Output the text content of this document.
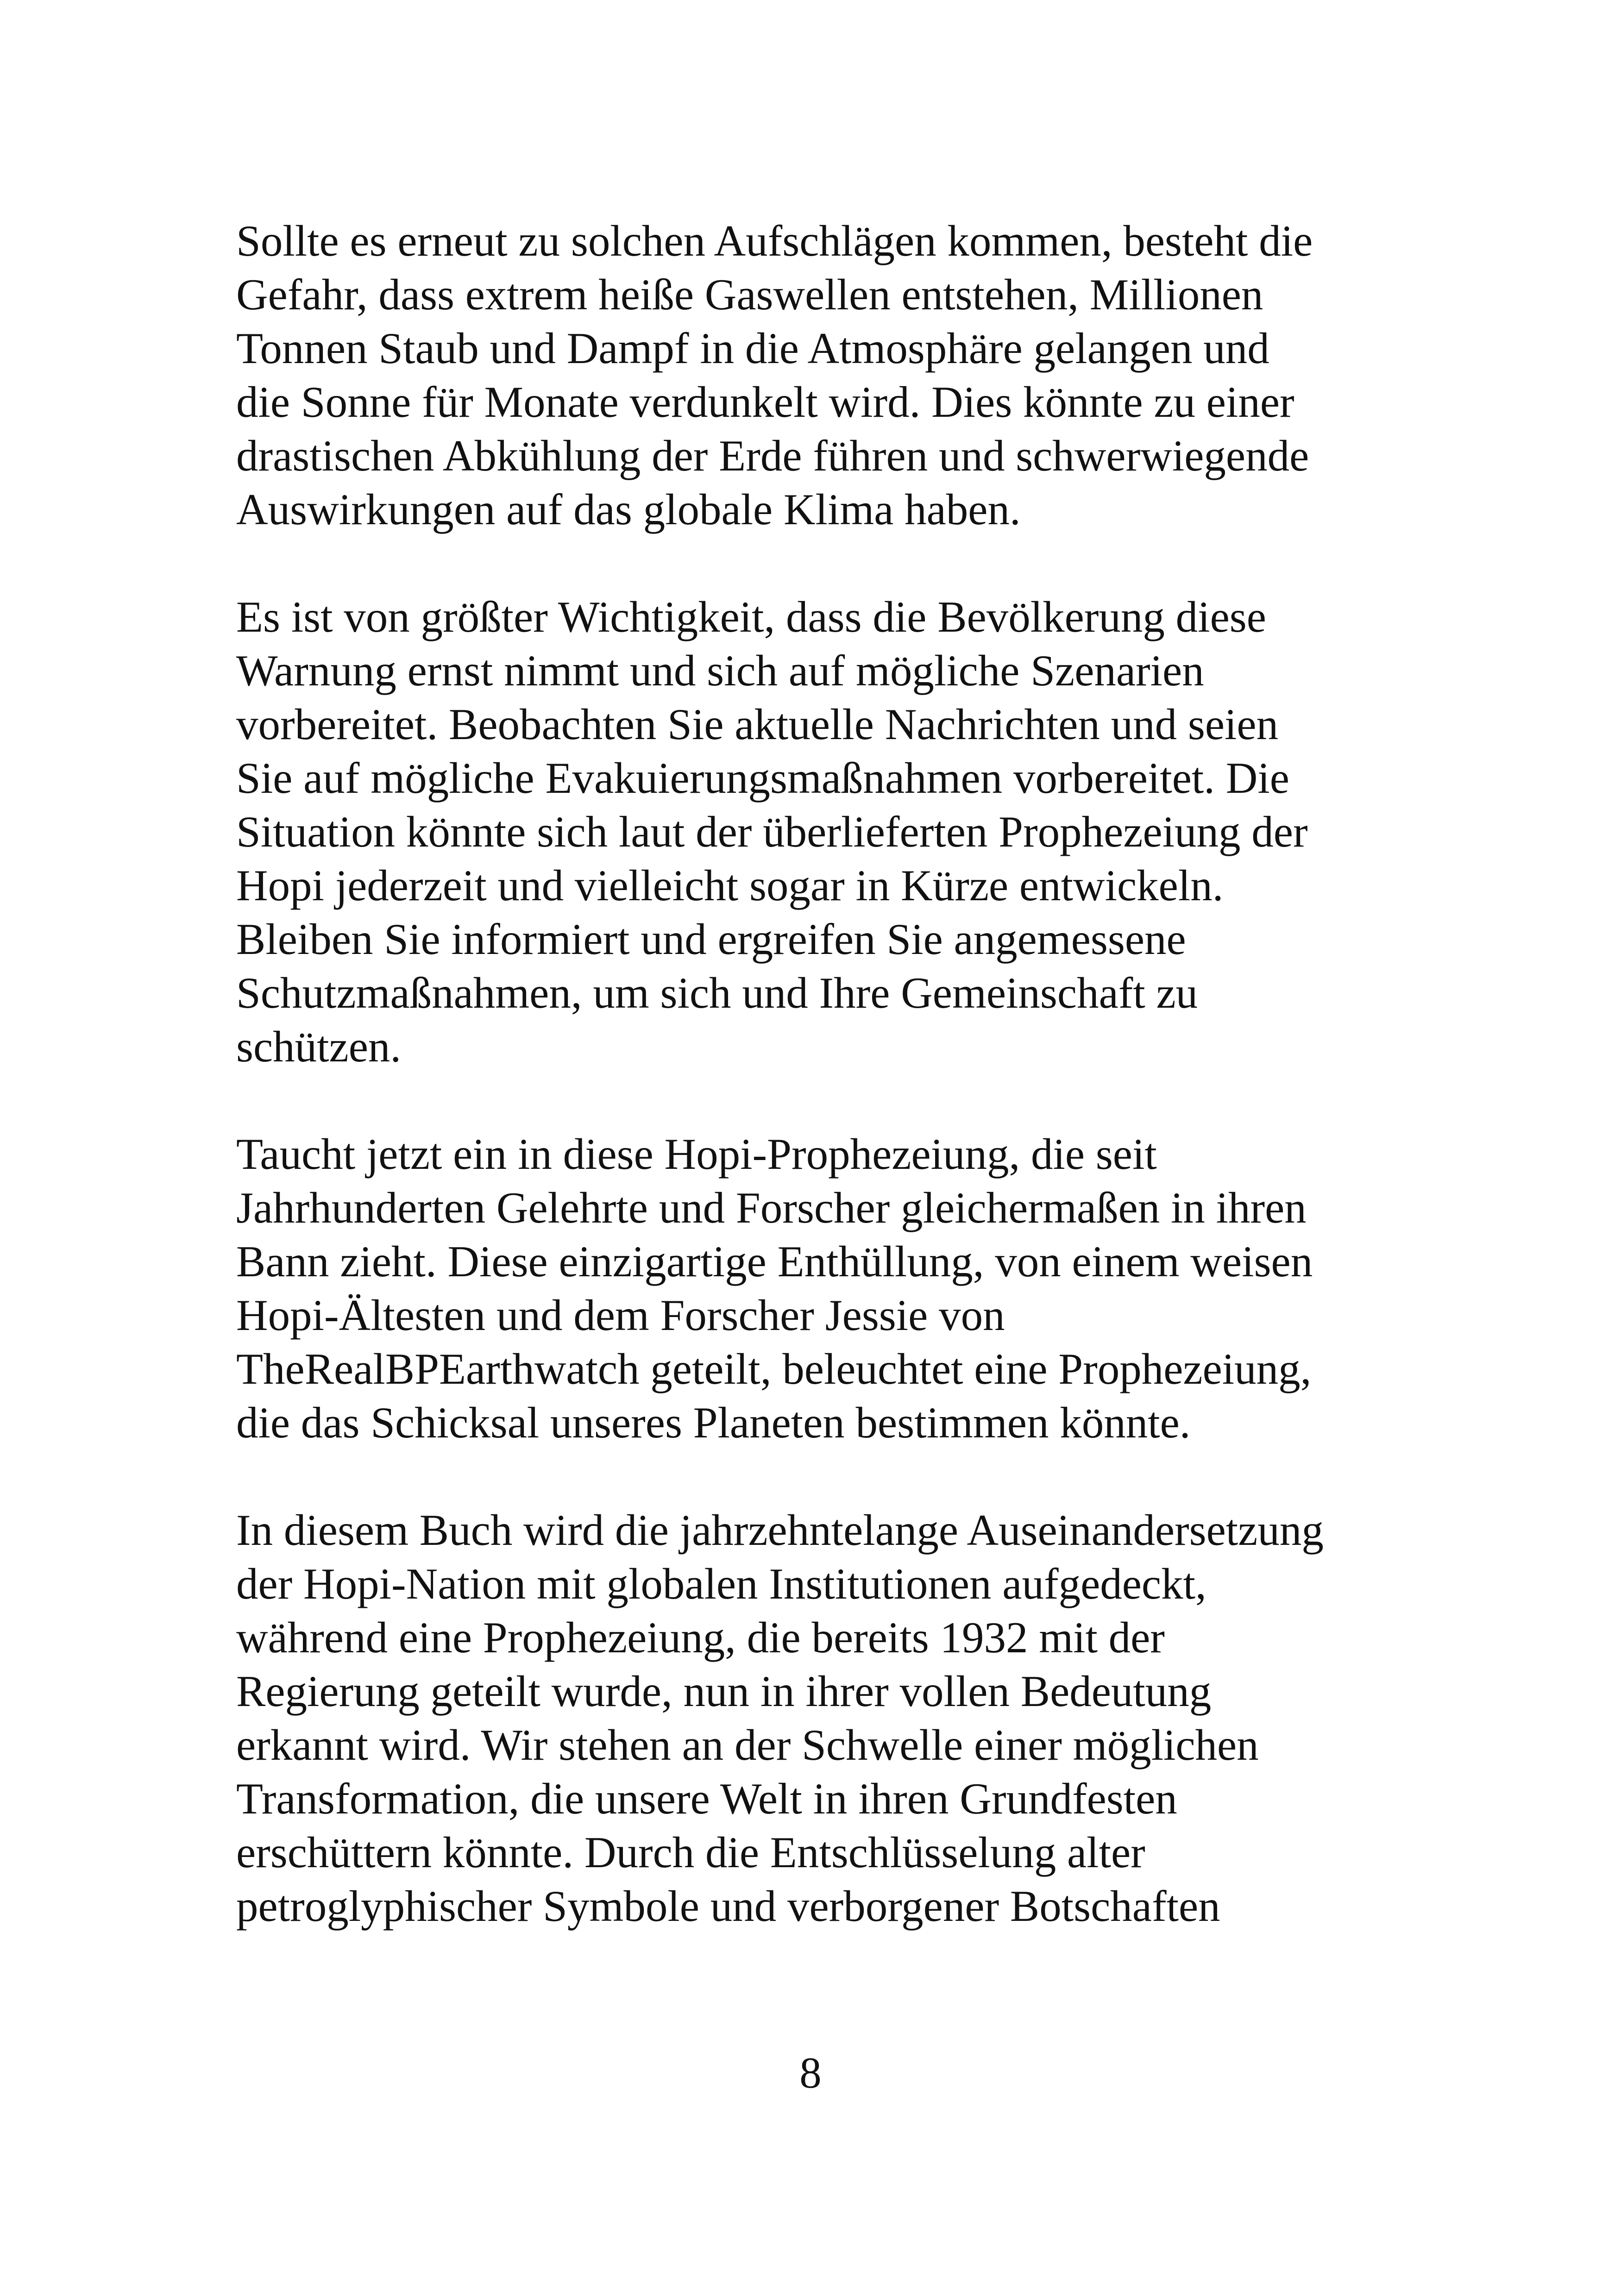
Sollte es erneut zu solchen Aufschlägen kommen, besteht die
Gefahr, dass extrem heiße Gaswellen entstehen, Millionen
Tonnen Staub und Dampf in die Atmosphäre gelangen und
die Sonne für Monate verdunkelt wird. Dies könnte zu einer
drastischen Abkühlung der Erde führen und schwerwiegende
Auswirkungen auf das globale Klima haben.

Es ist von größter Wichtigkeit, dass die Bevölkerung diese
Warnung ernst nimmt und sich auf mögliche Szenarien
vorbereitet. Beobachten Sie aktuelle Nachrichten und seien
Sie auf mögliche Evakuierungsmaßnahmen vorbereitet. Die
Situation könnte sich laut der überlieferten Prophezeiung der
Hopi jederzeit und vielleicht sogar in Kürze entwickeln.
Bleiben Sie informiert und ergreifen Sie angemessene
Schutzmaßnahmen, um sich und Ihre Gemeinschaft zu
schützen.

Taucht jetzt ein in diese Hopi-Prophezeiung, die seit
Jahrhunderten Gelehrte und Forscher gleichermaßen in ihren
Bann zieht. Diese einzigartige Enthüllung, von einem weisen
Hopi-Ältesten und dem Forscher Jessie von
TheRealBPEarthwatch geteilt, beleuchtet eine Prophezeiung,
die das Schicksal unseres Planeten bestimmen könnte.

In diesem Buch wird die jahrzehntelange Auseinandersetzung
der Hopi-Nation mit globalen Institutionen aufgedeckt,
während eine Prophezeiung, die bereits 1932 mit der
Regierung geteilt wurde, nun in ihrer vollen Bedeutung
erkannt wird. Wir stehen an der Schwelle einer möglichen
Transformation, die unsere Welt in ihren Grundfesten
erschüttern könnte. Durch die Entschlüsselung alter
petroglyphischer Symbole und verborgener Botschaften

8
